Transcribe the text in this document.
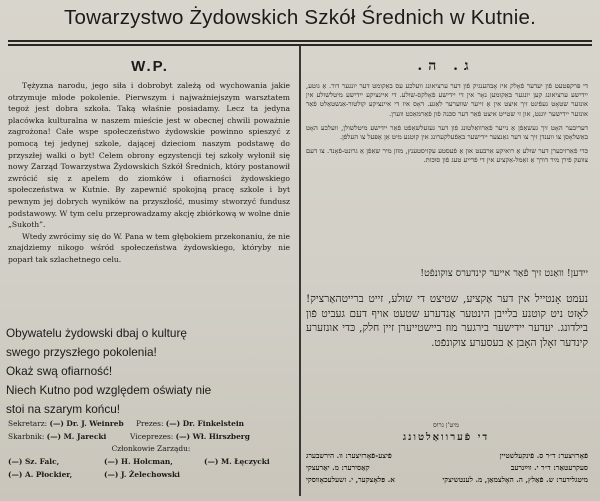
Towarzystwo Żydowskich Szkół Średnich w Kutnie.
W.P.

Tężyzna narodu, jego siła i dobrobyt zależą od wychowania jakie otrzymuje młode pokolenie. Pierwszym i najważniejszym warsztatem tegoż jest dobra szkoła. Taką właśnie posiadamy. Lecz ta jedyna placówka kulturalna w naszem mieście jest w obecnej chwili poważnie zagrożona! Całe wspe społeczeństwo żydowskie powinno spieszyć z pomocą tej jedynej szkole, dającej dzieciom naszym podstawę do przyszłej walki o byt! Celem obrony egzystencji tej szkoły wyłonił się nowy Zarząd Towarzystwa Żydowskich Szkół Średnich, który postanowił zwrócić się z apelem do ziomków i ofiarności żydowskiego społeczeństwa w Kutnie. By zapewnić spokojną pracę szkole i byt pewnym jej dobrych wyników na przyszłość, musimy stworzyć fundusz podstawowy. W tym celu przeprowadzamy akcję zbiórkową w wolne dnie „Sukoth”.

Wtedy zwrócimy się do W. Pana w tem głębokiem przekonaniu, że nie znajdziemy nikogo wśród społeczeństwa żydowskiego, któryby nie poparł tak szlachetnego celu.

Obywatelu żydowski dbaj o kulturę
swego przyszłego pokolenia!
Okaż swą ofiarność!
Niech Kutno pod względem oświaty nie
stoi na szarym końcu!
Sekretarz: (—) Dr. J. Weinreb Prezes: (—) Dr. Finkelstein
Skarbnik: (—) M. Jarecki	Viceprezes: (—) Wł. Hirszberg
Członkowie Zarządu:
(—) Sz. Falc,	(—) H. Holcman,	(—) M. Łęczycki
(—) A. Płockier,	(—) J. Żelechowski
ג. ה.

די פּרקפּטעט פֿון יעדער פֿאָלק איז אָבהענגיק פֿון דער ערציאונג וועלכע עס באַקומט דער יונגער דור. אַ גוטע, יידישע ערציאונג קען יונגער בּאַקומען נאָר אין די יידישע פֿאָלקס-שולע. די איינציקע יידישע מיטלשולע אין אונזער שטאָט געפֿינט זיך איצט אין אַ זייער שווערער לאַגע. דאָס איז די איינציקע קולטור-אַנשטאַלט פֿאַר אונזער יידישער יוגנט, און זי שטייט איצט פֿאַר דער סכּנה פֿון פֿאַרמאַכט ווערן.

דעריבער האָט זיך געשאַפֿן אַ נייער פֿאַרוואַלטונג פֿון דער געזעלשאַפֿט פֿאַר יידישע מיטלשולן, וועלכע האָט באַשלאָסן צו ווענדן זיך צו דער גאַנצער יידישער באַפֿעלקערונג אין קוטנע מיט אַן אַפּעל צו העלפֿן.

כּדי פֿאַרזיכערן דער שולע אַ רואיקע אַרבעט און אַ פֿעסטע עקזיסטענץ, מוזן מיר שאַפֿן אַ גרונט-פֿאָנד. צו דעם צוועק פֿירן מיר דורך אַ זאַמל-אַקציע אין די פֿרייע טעג פֿון סוכּות.

יידען! וואַנט זיך פֿאַר אייער קינדערס צוקונפֿט!
נעמט אָנטייל אין דער אַקציע, שטיצט די שולע, זייט ברייטהאַרציק! לאָזט ניט קוטנע בלייבן הינטער אַנדערע שטעט אויף דעם געביט פֿון בילדונג. יעדער יידישער בירגער מוז ביישטייערן זיין חלק, כּדי אונזערע קינדער זאָלן האָבן אַ בעסערע צוקונפֿט.
מיט'ן גרוס
די פֿערוואַלטונג
פֿאָרזיצער: ד״ר ס. פֿינקעלשטיין
פֿיצע-פֿאָרזיצער: וו. הירשבערג
סעקרעטאַר: ד״ר י. ווײַנרעב
קאַסירער: מ. יאַרעצקי
מיטגלידער: ש. פֿאַלץ, ה. האָלצמאַן, מ. לענטשיצקי
א. פּלאָצקער, י. זשעלעכאָווסקי
